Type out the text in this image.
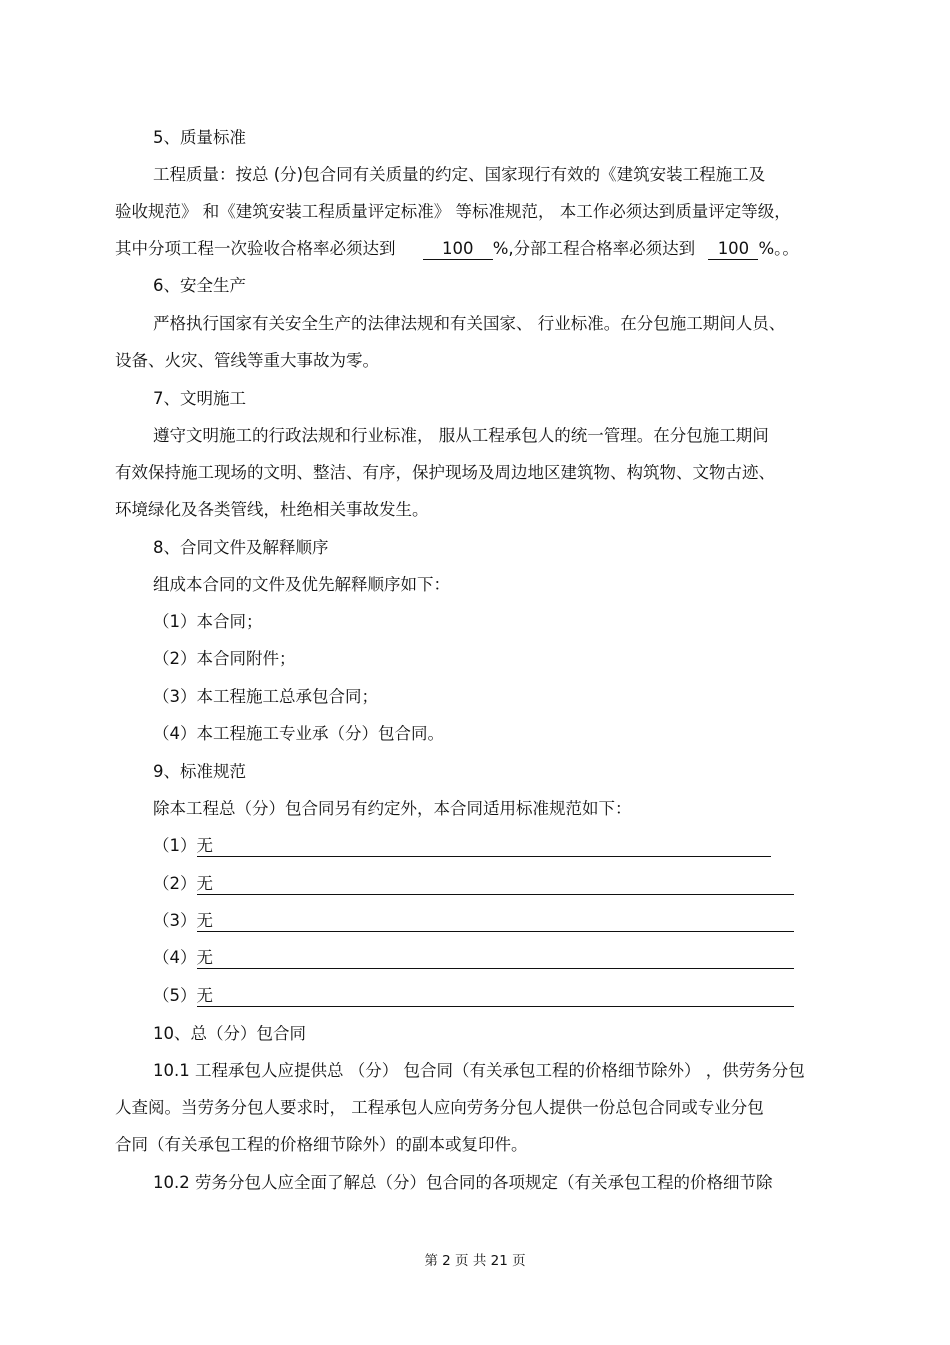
5、质量标准
工程质量：按总 (分)包合同有关质量的约定、国家现行有效的《建筑安装工程施工及
验收规范》 和《建筑安装工程质量评定标准》 等标准规范， 本工作必须达到质量评定等级，
其中分项工程一次验收合格率必须达到	100 %,分部工程合格率必须达到 100 %。。
6、安全生产
严格执行国家有关安全生产的法律法规和有关国家、 行业标准。在分包施工期间人员、
设备、火灾、管线等重大事故为零。
7、文明施工
遵守文明施工的行政法规和行业标准， 服从工程承包人的统一管理。在分包施工期间
有效保持施工现场的文明、整洁、有序，保护现场及周边地区建筑物、构筑物、文物古迹、
环境绿化及各类管线，杜绝相关事故发生。
8、合同文件及解释顺序
组成本合同的文件及优先解释顺序如下：
（1）本合同；
（2）本合同附件；
（3）本工程施工总承包合同；
（4）本工程施工专业承（分）包合同。
9、标准规范
除本工程总（分）包合同另有约定外，本合同适用标准规范如下：
（1）无
（2）无
（3）无
（4）无
（5）无
10、总（分）包合同
10.1 工程承包人应提供总 （分） 包合同（有关承包工程的价格细节除外） ，供劳务分包
人查阅。当劳务分包人要求时， 工程承包人应向劳务分包人提供一份总包合同或专业分包
合同（有关承包工程的价格细节除外）的副本或复印件。
10.2 劳务分包人应全面了解总（分）包合同的各项规定（有关承包工程的价格细节除
第 2 页 共 21 页
